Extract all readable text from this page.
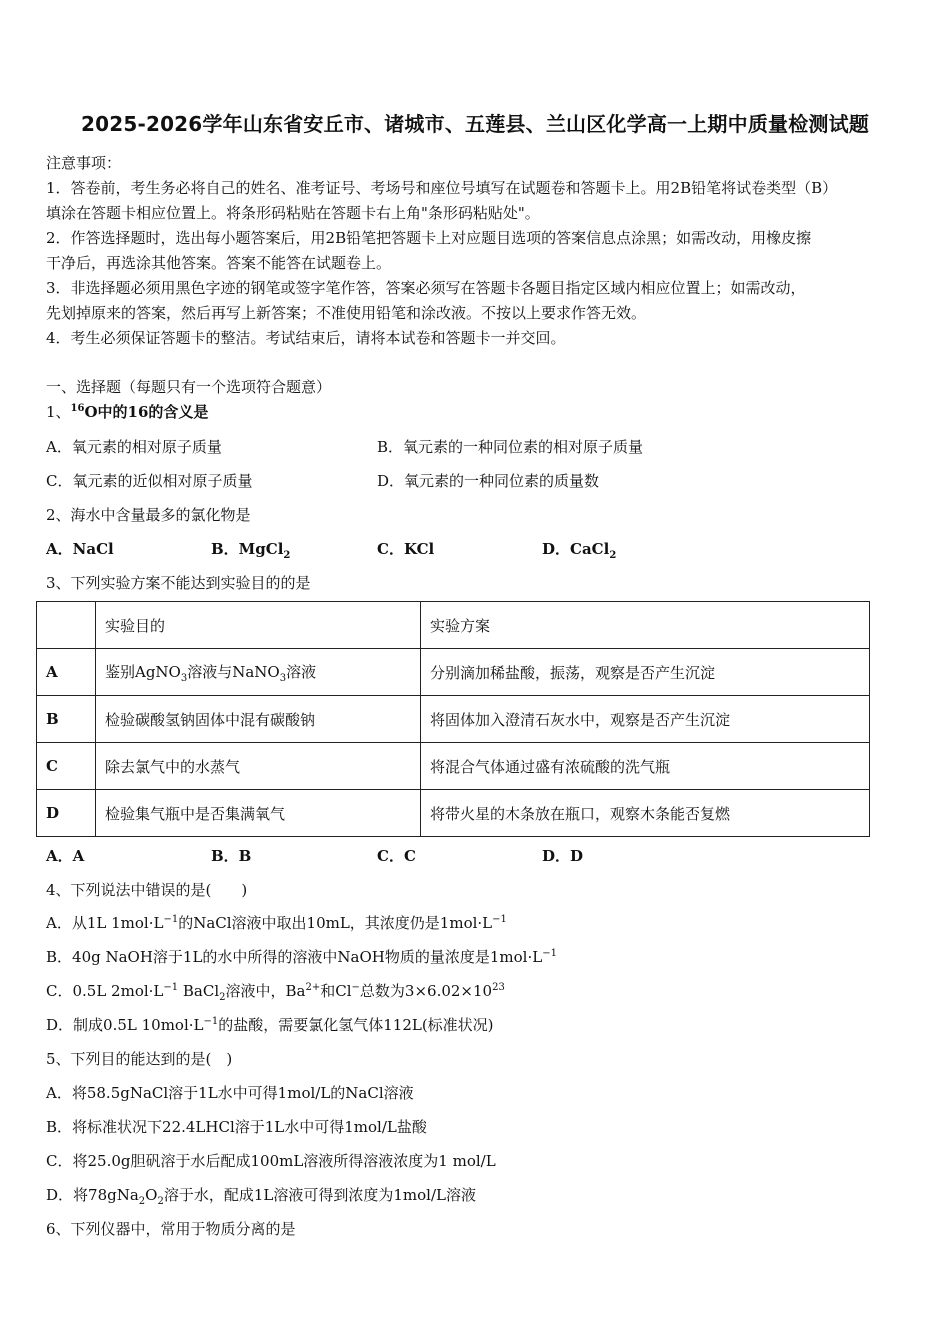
2025-2026学年山东省安丘市、诸城市、五莲县、兰山区化学高一上期中质量检测试题
注意事项：
1．答卷前，考生务必将自己的姓名、准考证号、考场号和座位号填写在试题卷和答题卡上。用2B铅笔将试卷类型（B）
填涂在答题卡相应位置上。将条形码粘贴在答题卡右上角"条形码粘贴处"。
2．作答选择题时，选出每小题答案后，用2B铅笔把答题卡上对应题目选项的答案信息点涂黑；如需改动，用橡皮擦
干净后，再选涂其他答案。答案不能答在试题卷上。
3．非选择题必须用黑色字迹的钢笔或签字笔作答，答案必须写在答题卡各题目指定区域内相应位置上；如需改动，
先划掉原来的答案，然后再写上新答案；不准使用铅笔和涂改液。不按以上要求作答无效。
4．考生必须保证答题卡的整洁。考试结束后，请将本试卷和答题卡一并交回。
一、选择题（每题只有一个选项符合题意）
1、$^{16}$O中的16的含义是
A．氧元素的相对原子质量	B．氧元素的一种同位素的相对原子质量
C．氧元素的近似相对原子质量	D．氧元素的一种同位素的质量数
2、海水中含量最多的氯化物是
A．NaCl	B．MgCl$_2$	C．KCl	D．CaCl$_2$
3、下列实验方案不能达到实验目的的是
	实验目的	实验方案
A	鉴别AgNO$_3$溶液与NaNO$_3$溶液	分别滴加稀盐酸，振荡，观察是否产生沉淀
B	检验碳酸氢钠固体中混有碳酸钠	将固体加入澄清石灰水中，观察是否产生沉淀
C	除去氯气中的水蒸气	将混合气体通过盛有浓硫酸的洗气瓶
D	检验集气瓶中是否集满氧气	将带火星的木条放在瓶口，观察木条能否复燃
A．A	B．B	C．C	D．D
4、下列说法中错误的是(　　)
A．从1L $1mol\cdot L^{-1}$的NaCl溶液中取出10mL，其浓度仍是$1mol\cdot L^{-1}$
B．40g NaOH溶于1L的水中所得的溶液中NaOH物质的量浓度是$1mol\cdot L^{-1}$
C．0.5L $2mol\cdot L^{-1}$ BaCl$_2$溶液中，$Ba^{2+}$和Cl−总数为$3\times 6.02\times 10^{23}$
D．制成0.5L $10mol\cdot L^{-1}$的盐酸，需要氯化氢气体112L(标准状况)
5、下列目的能达到的是(　)
A．将58.5gNaCl溶于1L水中可得1mol/L的NaCl溶液
B．将标准状况下22.4LHCl溶于1L水中可得1mol/L盐酸
C．将25.0g胆矾溶于水后配成100mL溶液所得溶液浓度为1 mol/L
D．将$78gNa_2O_2$溶于水，配成1L溶液可得到浓度为1mol/L溶液
6、下列仪器中，常用于物质分离的是
